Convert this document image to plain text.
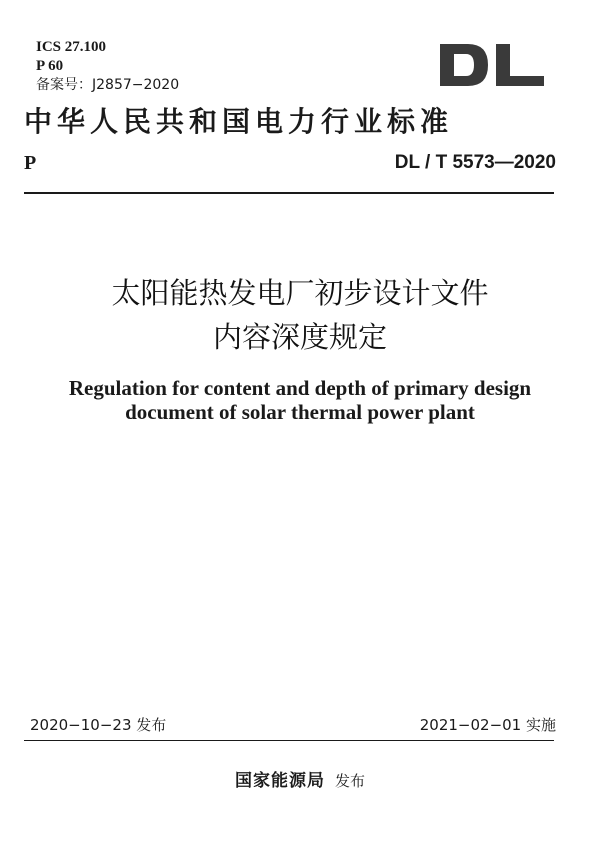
ICS 27.100
P 60
备案号：J2857−2020
中华人民共和国电力行业标准
P	DL / T 5573—2020
太阳能热发电厂初步设计文件
内容深度规定
Regulation for content and depth of primary design
document of solar thermal power plant
2020−10−23 发布	2021−02−01 实施
国家能源局 发布
